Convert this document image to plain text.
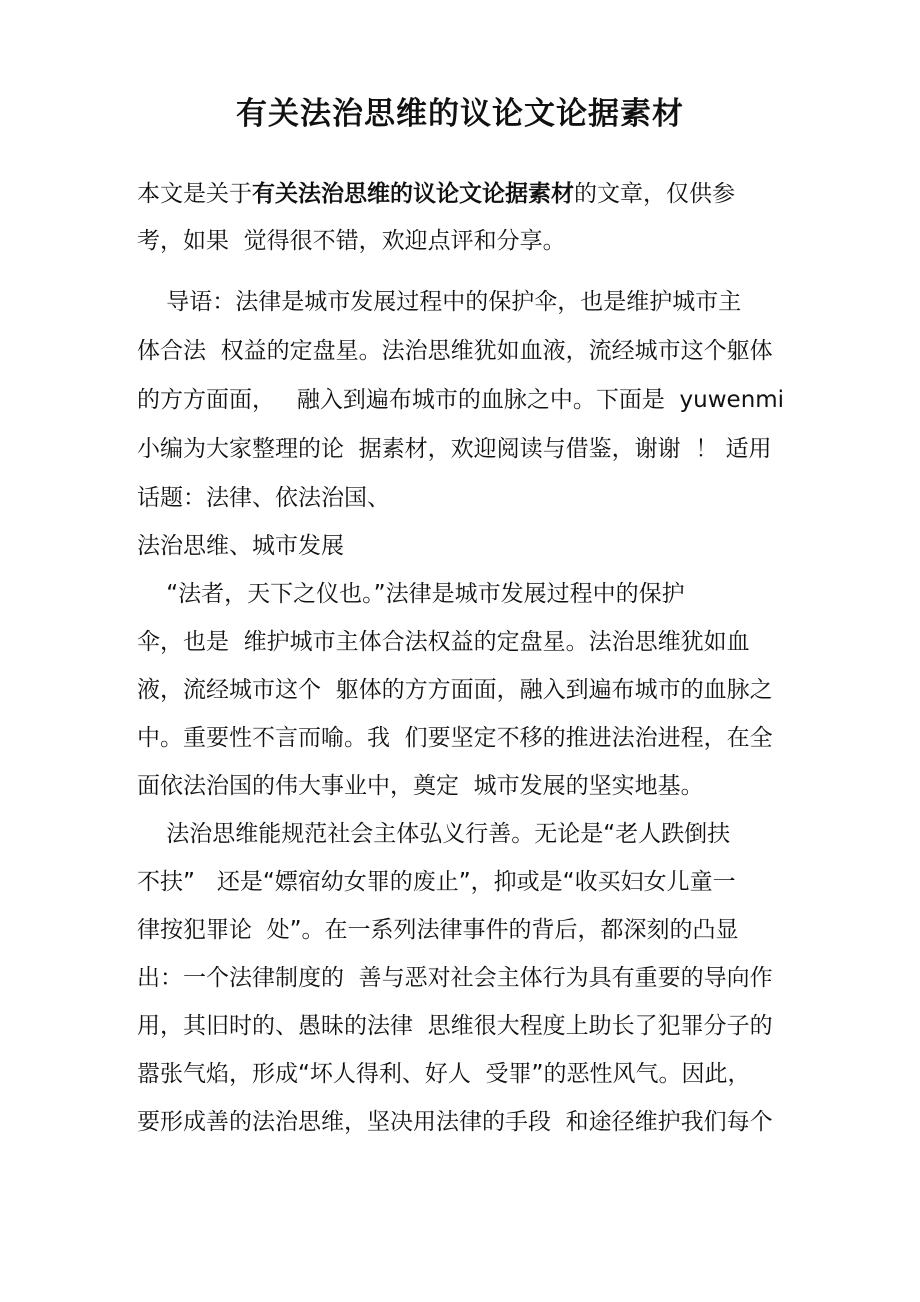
有关法治思维的议论文论据素材

本文是关于有关法治思维的议论文论据素材的文章，仅供参

考，如果  觉得很不错，欢迎点评和分享。

导语：法律是城市发展过程中的保护伞，也是维护城市主

体合法  权益的定盘星。法治思维犹如血液，流经城市这个躯体

的方方面面，   融入到遍布城市的血脉之中。下面是  yuwenmi

小编为大家整理的论  据素材，欢迎阅读与借鉴，谢谢  ！ 适用

话题：法律、依法治国、

法治思维、城市发展

“法者，天下之仪也。”法律是城市发展过程中的保护

伞，也是  维护城市主体合法权益的定盘星。法治思维犹如血

液，流经城市这个  躯体的方方面面，融入到遍布城市的血脉之

中。重要性不言而喻。我  们要坚定不移的推进法治进程，在全

面依法治国的伟大事业中，奠定  城市发展的坚实地基。

法治思维能规范社会主体弘义行善。无论是“老人跌倒扶

不扶”   还是“嫖宿幼女罪的废止”，抑或是“收买妇女儿童一

律按犯罪论  处”。在一系列法律事件的背后，都深刻的凸显

出：一个法律制度的  善与恶对社会主体行为具有重要的导向作

用，其旧时的、愚昧的法律  思维很大程度上助长了犯罪分子的

嚣张气焰，形成“坏人得利、好人  受罪”的恶性风气。因此，

要形成善的法治思维，坚决用法律的手段  和途径维护我们每个
